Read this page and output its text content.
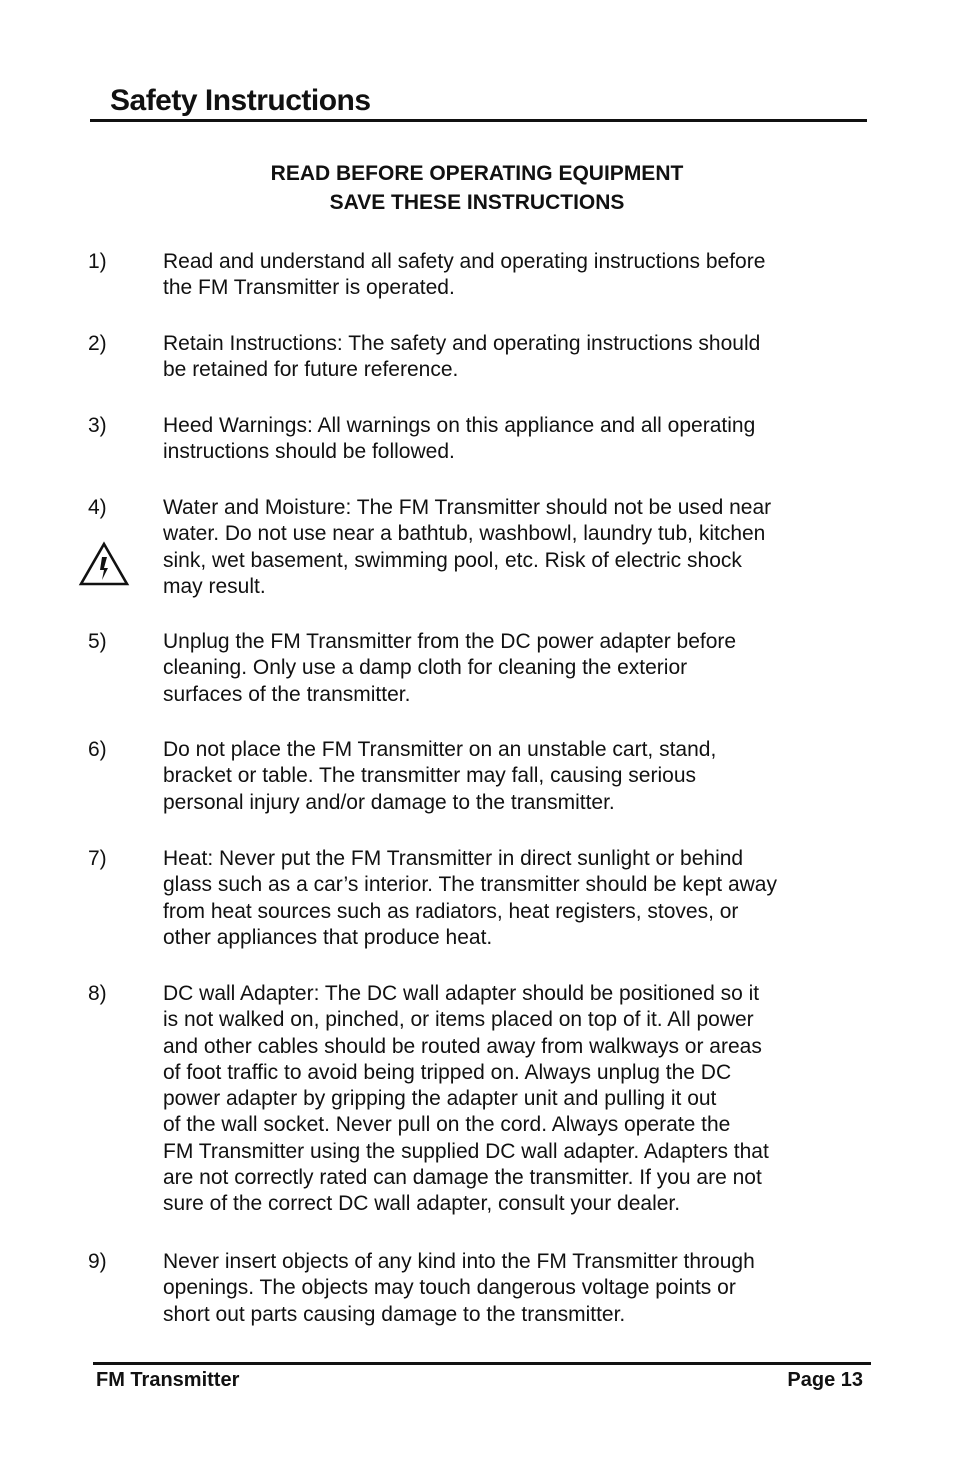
Safety Instructions
READ BEFORE OPERATING EQUIPMENT
SAVE THESE INSTRUCTIONS
1)	Read and understand all safety and operating instructions before
the FM Transmitter is operated.
2)	Retain Instructions: The safety and operating instructions should
be retained for future reference.
3)	Heed Warnings: All warnings on this appliance and all operating
instructions should be followed.
4)	Water and Moisture: The FM Transmitter should not be used near
water. Do not use near a bathtub, washbowl, laundry tub, kitchen
sink, wet basement, swimming pool, etc. Risk of electric shock
may result.
5)	Unplug the FM Transmitter from the DC power adapter before
cleaning. Only use a damp cloth for cleaning the exterior
surfaces of the transmitter.
6)	Do not place the FM Transmitter on an unstable cart, stand,
bracket or table. The transmitter may fall, causing serious
personal injury and/or damage to the transmitter.
7)	Heat: Never put the FM Transmitter in direct sunlight or behind
glass such as a car’s interior. The transmitter should be kept away
from heat sources such as radiators, heat registers, stoves, or
other appliances that produce heat.
8)	DC wall Adapter: The DC wall adapter should be positioned so it
is not walked on, pinched, or items placed on top of it. All power
and other cables should be routed away from walkways or areas
of foot traffic to avoid being tripped on. Always unplug the DC
power adapter by gripping the adapter unit and pulling it out
of the wall socket. Never pull on the cord. Always operate the
FM Transmitter using the supplied DC wall adapter. Adapters that
are not correctly rated can damage the transmitter. If you are not
sure of the correct DC wall adapter, consult your dealer.
9)	Never insert objects of any kind into the FM Transmitter through
openings. The objects may touch dangerous voltage points or
short out parts causing damage to the transmitter.
FM Transmitter	Page 13
